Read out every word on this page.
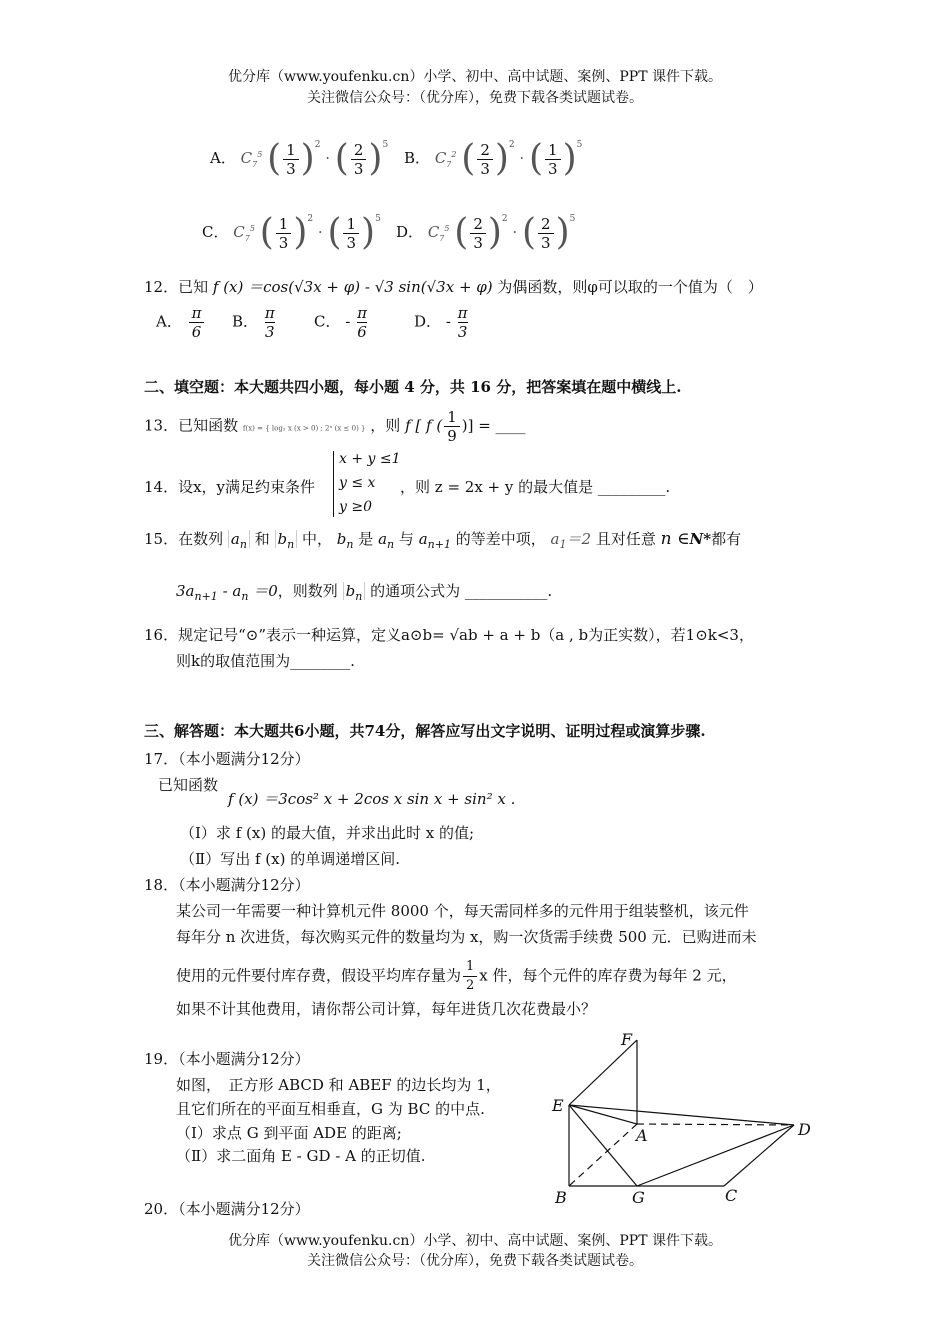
优分库（www.youfenku.cn）小学、初中、高中试题、案例、PPT 课件下载。
关注微信公众号：（优分库），免费下载各类试题试卷。
A． $C_7^5$ ( $\frac{1}{3} )^2$ · ( $\frac{2}{3} )^5$
B． $C_7^2$ ( $\frac{2}{3} )^2$ · ( $\frac{1}{3} )^5$
C． $C_7^5$ ( $\frac{1}{3} )^2$ · ( $\frac{1}{3} )^5$
D． $C_7^5$ ( $\frac{2}{3} )^2$ · ( $\frac{2}{3} )^5$
12．已知 f (x) ＝cos(√3x + φ) - √3 sin(√3x + φ) 为偶函数，则φ可以取的一个值为（　）
A． $\frac{\pi}{6}$ B． $\frac{\pi}{3}$	C． - $\frac{\pi}{6}$	D． - $\frac{\pi}{3}$
二、填空题：本大题共四小题，每小题 4 分，共 16 分，把答案填在题中横线上.
13．已知函数 f(x) = { log₂ x (x > 0) ; 2ˣ (x ≤ 0) } ，则 f [ f ( $\frac{1}{9}$ )] = ____
14．设x，y满足约束条件
x + y ≤1
y ≤ x
y ≥0
，则 z = 2x + y 的最大值是 _________.
15．在数列 $a_n$ 和 $b_n$ 中， $b_n$ 是 $a_n$ 与 $a_{n+1}$ 的等差中项， $a_1=2$ 且对任意 n ∈N*都有
$3a_{n+1} - a_n =0$，则数列 $b_n$ 的通项公式为 ___________.
16．规定记号“⊙”表示一种运算，定义a⊙b= √ab + a + b（a , b为正实数），若1⊙k<3，
则k的取值范围为________.
三、解答题：本大题共6小题，共74分，解答应写出文字说明、证明过程或演算步骤.
17．（本小题满分12分）
已知函数
f (x) ＝3cos² x + 2cos x sin x + sin² x .
（Ⅰ）求 f (x) 的最大值，并求出此时 x 的值;
（Ⅱ）写出 f (x) 的单调递增区间.
18．（本小题满分12分）
某公司一年需要一种计算机元件 8000 个，每天需同样多的元件用于组装整机，该元件
每年分 n 次进货，每次购买元件的数量均为 x，购一次货需手续费 500 元．已购进而未
使用的元件要付库存费，假设平均库存量为 $\frac{1}{2}$ x 件，每个元件的库存费为每年 2 元，
如果不计其他费用，请你帮公司计算，每年进货几次花费最小？
19．（本小题满分12分）
如图，　正方形 ABCD 和 ABEF 的边长均为 1，
且它们所在的平面互相垂直，G 为 BC 的中点.
（Ⅰ）求点 G 到平面 ADE 的距离;
（Ⅱ）求二面角 E - GD - A 的正切值.
F
E
A	D
B	G	C
20．（本小题满分12分）
优分库（www.youfenku.cn）小学、初中、高中试题、案例、PPT 课件下载。
关注微信公众号：（优分库），免费下载各类试题试卷。
